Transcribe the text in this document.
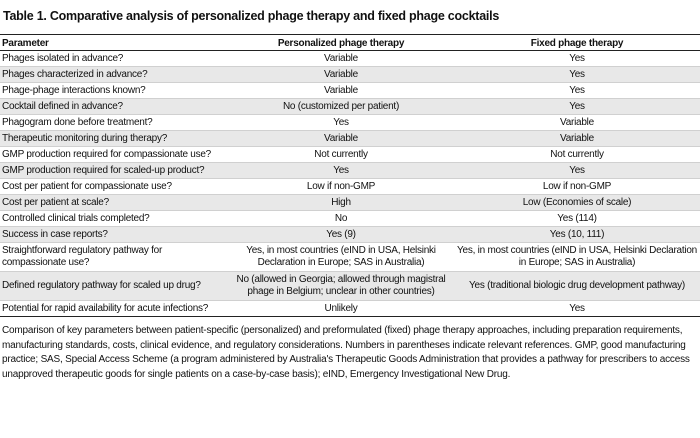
Table 1. Comparative analysis of personalized phage therapy and fixed phage cocktails
Parameter	Personalized phage therapy	Fixed phage therapy
Phages isolated in advance?	Variable	Yes
Phages characterized in advance?	Variable	Yes
Phage-phage interactions known?	Variable	Yes
Cocktail defined in advance?	No (customized per patient)	Yes
Phagogram done before treatment?	Yes	Variable
Therapeutic monitoring during therapy?	Variable	Variable
GMP production required for compassionate use?	Not currently	Not currently
GMP production required for scaled-up product?	Yes	Yes
Cost per patient for compassionate use?	Low if non-GMP	Low if non-GMP
Cost per patient at scale?	High	Low (Economies of scale)
Controlled clinical trials completed?	No	Yes (114)
Success in case reports?	Yes (9)	Yes (10, 111)
Straightforward regulatory pathway for compassionate use?	Yes, in most countries (eIND in USA, Helsinki Declaration in Europe; SAS in Australia)	Yes, in most countries (eIND in USA, Helsinki Declaration in Europe; SAS in Australia)
Defined regulatory pathway for scaled up drug?	No (allowed in Georgia; allowed through magistral phage in Belgium; unclear in other countries)	Yes (traditional biologic drug development pathway)
Potential for rapid availability for acute infections?	Unlikely	Yes
Comparison of key parameters between patient-specific (personalized) and preformulated (fixed) phage therapy approaches, including preparation requirements, manufacturing standards, costs, clinical evidence, and regulatory considerations. Numbers in parentheses indicate relevant references. GMP, good manufacturing practice; SAS, Special Access Scheme (a program administered by Australia's Therapeutic Goods Administration that provides a pathway for prescribers to access unapproved therapeutic goods for single patients on a case-by-case basis); eIND, Emergency Investigational New Drug.
